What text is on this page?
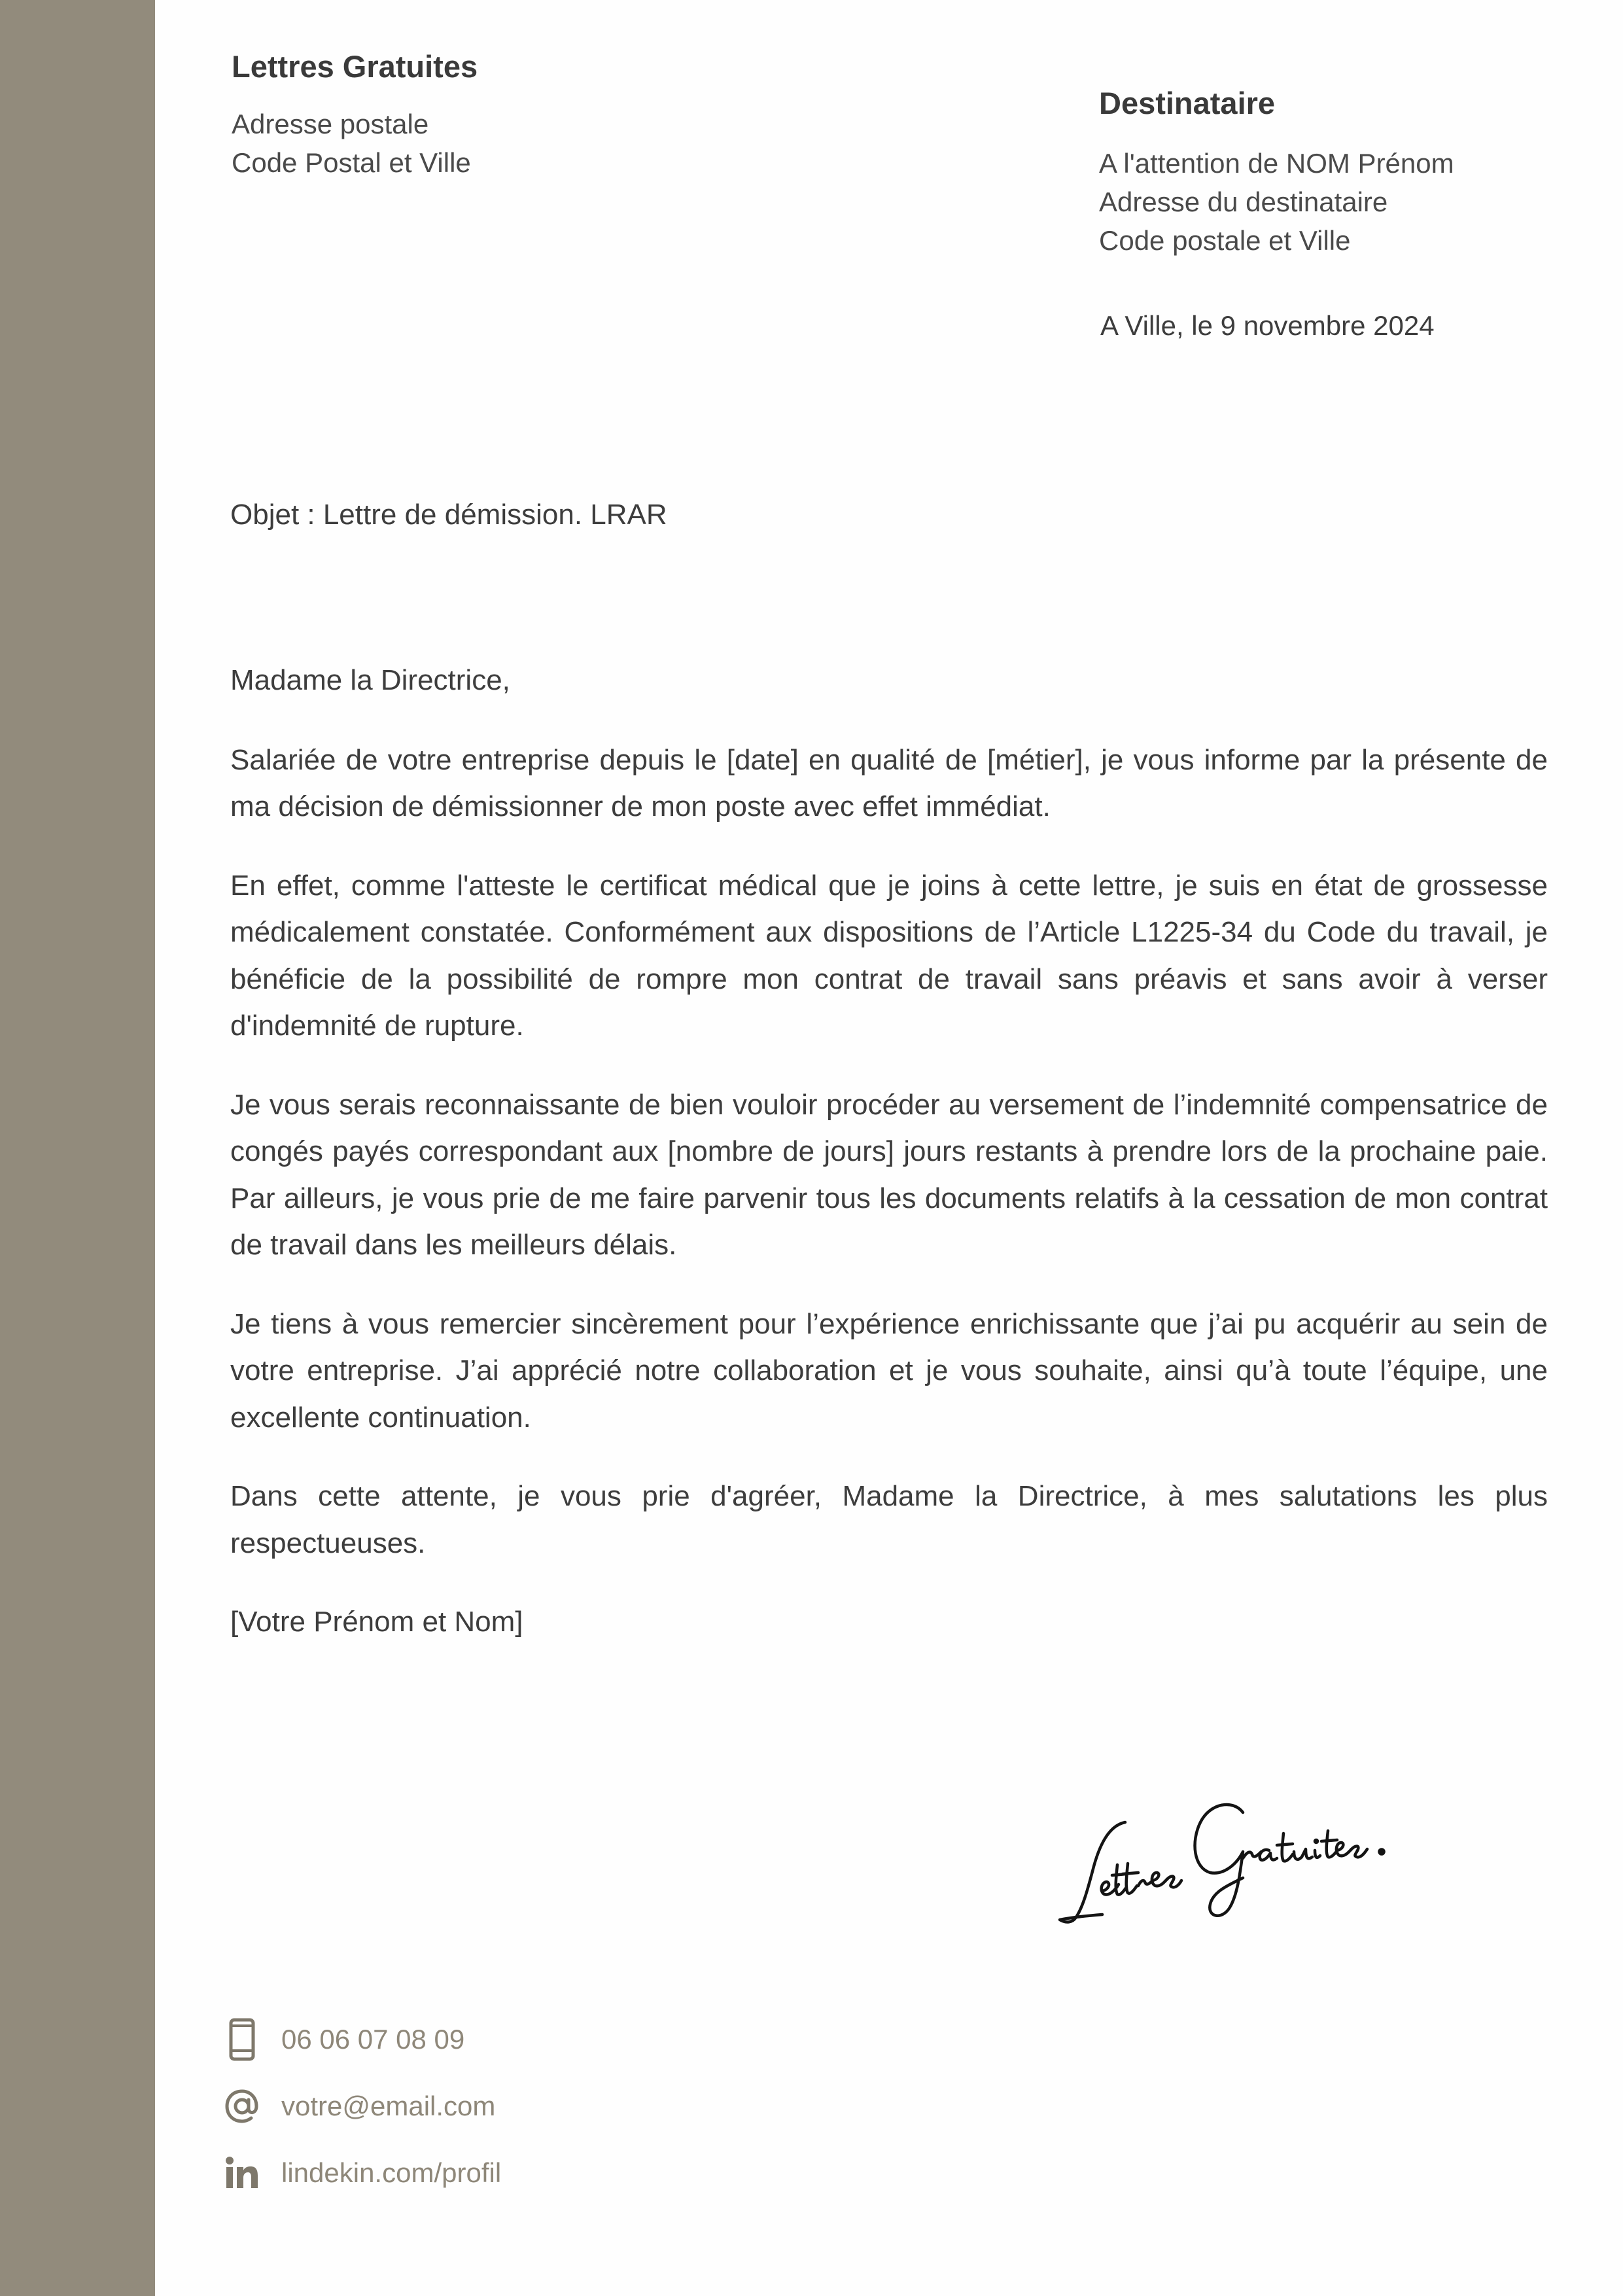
Lettres Gratuites
Adresse postale
Code Postal et Ville
Destinataire
A l'attention de NOM Prénom
Adresse du destinataire
Code postale et Ville
A Ville, le 9 novembre 2024
Objet : Lettre de démission. LRAR

Madame la Directrice,

Salariée de votre entreprise depuis le [date] en qualité de [métier], je vous informe par la présente de ma décision de démissionner de mon poste avec effet immédiat.

En effet, comme l'atteste le certificat médical que je joins à cette lettre, je suis en état de grossesse médicalement constatée. Conformément aux dispositions de l’Article L1225-34 du Code du travail, je bénéficie de la possibilité de rompre mon contrat de travail sans préavis et sans avoir à verser d'indemnité de rupture.

Je vous serais reconnaissante de bien vouloir procéder au versement de l’indemnité compensatrice de congés payés correspondant aux [nombre de jours] jours restants à prendre lors de la prochaine paie. Par ailleurs, je vous prie de me faire parvenir tous les documents relatifs à la cessation de mon contrat de travail dans les meilleurs délais.

Je tiens à vous remercier sincèrement pour l’expérience enrichissante que j’ai pu acquérir au sein de votre entreprise. J’ai apprécié notre collaboration et je vous souhaite, ainsi qu’à toute l’équipe, une excellente continuation.

Dans cette attente, je vous prie d'agréer, Madame la Directrice, à mes salutations les plus respectueuses.

[Votre Prénom et Nom]

06 06 07 08 09
votre@email.com
lindekin.com/profil
